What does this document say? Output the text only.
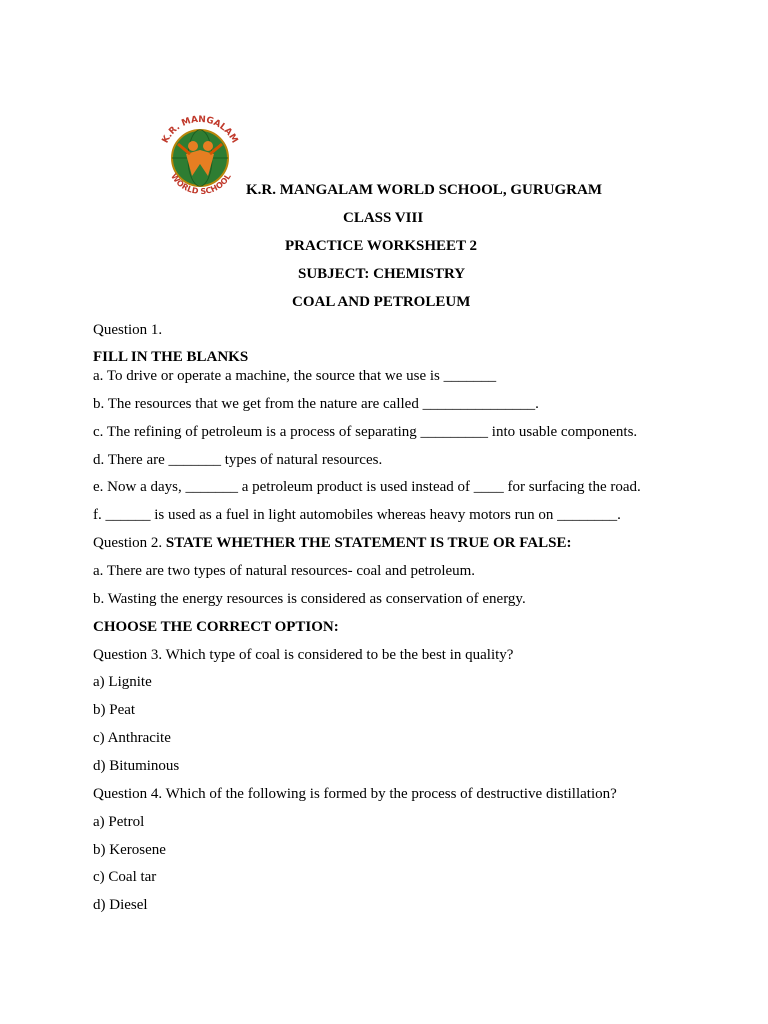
K.R. MANGALAM
WORLD SCHOOL
K.R. MANGALAM WORLD SCHOOL, GURUGRAM
CLASS VIII
PRACTICE WORKSHEET 2
SUBJECT: CHEMISTRY
COAL AND PETROLEUM
Question 1.
FILL IN THE BLANKS
a. To drive or operate a machine, the source that we use is _______
b. The resources that we get from the nature are called _______________.
c. The refining of petroleum is a process of separating _________ into usable components.
d. There are _______ types of natural resources.
e. Now a days, _______ a petroleum product is used instead of ____ for surfacing the road.
f. ______ is used as a fuel in light automobiles whereas heavy motors run on ________.
Question 2. STATE WHETHER THE STATEMENT IS TRUE OR FALSE:
a. There are two types of natural resources- coal and petroleum.
b. Wasting the energy resources is considered as conservation of energy.
CHOOSE THE CORRECT OPTION:
Question 3. Which type of coal is considered to be the best in quality?
a) Lignite
b) Peat
c) Anthracite
d) Bituminous
Question 4. Which of the following is formed by the process of destructive distillation?
a) Petrol
b) Kerosene
c) Coal tar
d) Diesel
